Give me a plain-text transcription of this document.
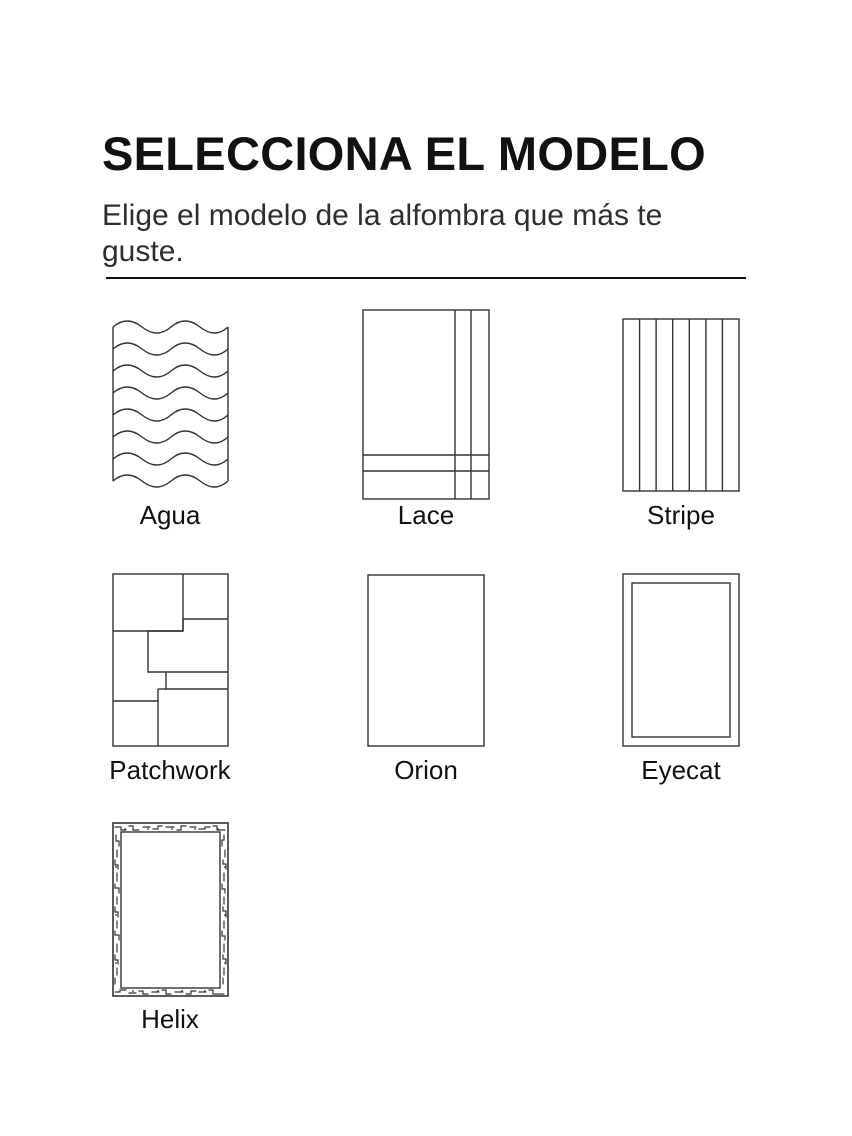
SELECCIONA EL MODELO

Elige el modelo de la alfombra que más te guste.

Agua	Lace	Stripe
Patchwork	Orion	Eyecat
Helix
